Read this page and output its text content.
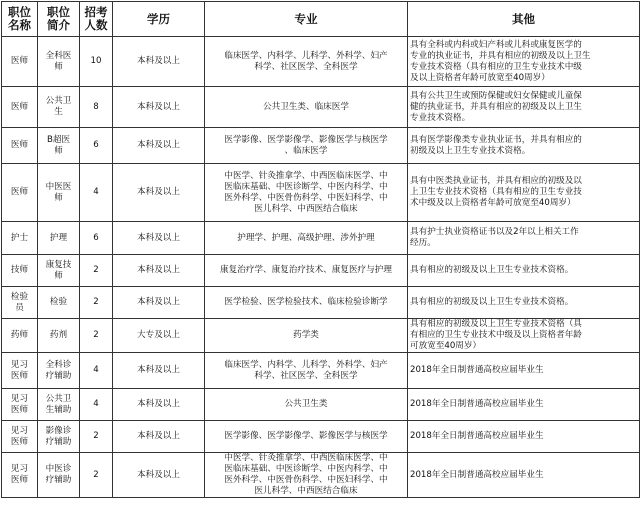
职位
名称	职位
简介	招考
人数	学历	专业	其他

医师	全科医
师	10	本科及以上	临床医学、内科学、儿科学、外科学、妇产
科学、社区医学、全科医学	具有全科或内科或妇产科或儿科或康复医学的
专业的执业证书，并具有相应的初级及以上卫生
专业技术资格（具有相应的卫生专业技术中级
及以上资格者年龄可放宽至40周岁）

医师	公共卫
生	8	本科及以上	公共卫生类、临床医学	具有公共卫生或预防保健或妇女保健或儿童保
健的执业证书，并具有相应的初级及以上卫生
专业技术资格。

医师	B超医
师	6	本科及以上	医学影像、医学影像学、影像医学与核医学
、临床医学	具有医学影像类专业执业证书，并具有相应的
初级及以上卫生专业技术资格。

医师	中医医
师	4	本科及以上	中医学、针灸推拿学、中西医临床医学、中
医临床基础、中医诊断学、中医内科学、中
医外科学、中医骨伤科学、中医妇科学、中
医儿科学、中西医结合临床	具有中医类执业证书，并具有相应的初级及以
上卫生专业技术资格（具有相应的卫生专业技
术中级及以上资格者年龄可放宽至40周岁）

护士	护理	6	本科及以上	护理学、护理、高级护理、涉外护理	具有护士执业资格证书以及2年以上相关工作
经历。

技师	康复技
师	2	本科及以上	康复治疗学、康复治疗技术、康复医疗与护理	具有相应的初级及以上卫生专业技术资格。

检验
员	检验	2	本科及以上	医学检验、医学检验技术、临床检验诊断学	具有相应的初级及以上卫生专业技术资格。

药师	药剂	2	大专及以上	药学类	具有相应的初级及以上卫生专业技术资格（具
有相应的卫生专业技术中级及以上资格者年龄
可放宽至40周岁）

见习
医师	全科诊
疗辅助	4	本科及以上	临床医学、内科学、儿科学、外科学、妇产
科学、社区医学、全科医学	2018年全日制普通高校应届毕业生

见习
医师	公共卫
生辅助	4	本科及以上	公共卫生类	2018年全日制普通高校应届毕业生

见习
医师	影像诊
疗辅助	2	本科及以上	医学影像、医学影像学、影像医学与核医学	2018年全日制普通高校应届毕业生

见习
医师	中医诊
疗辅助	2	本科及以上	中医学、针灸推拿学、中西医临床医学、中
医临床基础、中医诊断学、中医内科学、中
医外科学、中医骨伤科学、中医妇科学、中
医儿科学、中西医结合临床	2018年全日制普通高校应届毕业生
